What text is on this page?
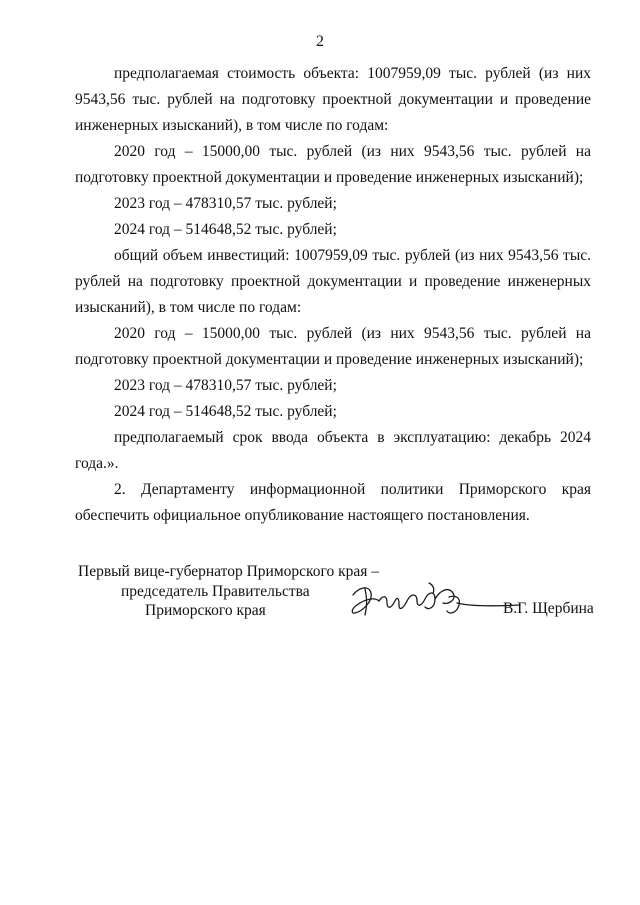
2

предполагаемая стоимость объекта: 1007959,09 тыс. рублей (из них 9543,56 тыс. рублей на подготовку проектной документации и проведение инженерных изысканий), в том числе по годам:

2020 год – 15000,00 тыс. рублей (из них 9543,56 тыс. рублей на подготовку проектной документации и проведение инженерных изысканий);

2023 год – 478310,57 тыс. рублей;

2024 год – 514648,52 тыс. рублей;

общий объем инвестиций: 1007959,09 тыс. рублей (из них 9543,56 тыс. рублей на подготовку проектной документации и проведение инженерных изысканий), в том числе по годам:

2020 год – 15000,00 тыс. рублей (из них 9543,56 тыс. рублей на подготовку проектной документации и проведение инженерных изысканий);

2023 год – 478310,57 тыс. рублей;

2024 год – 514648,52 тыс. рублей;

предполагаемый срок ввода объекта в эксплуатацию: декабрь 2024 года.».

2. Департаменту информационной политики Приморского края обеспечить официальное опубликование настоящего постановления.

Первый вице-губернатор Приморского края –
председатель Правительства
Приморского края	В.Г. Щербина
